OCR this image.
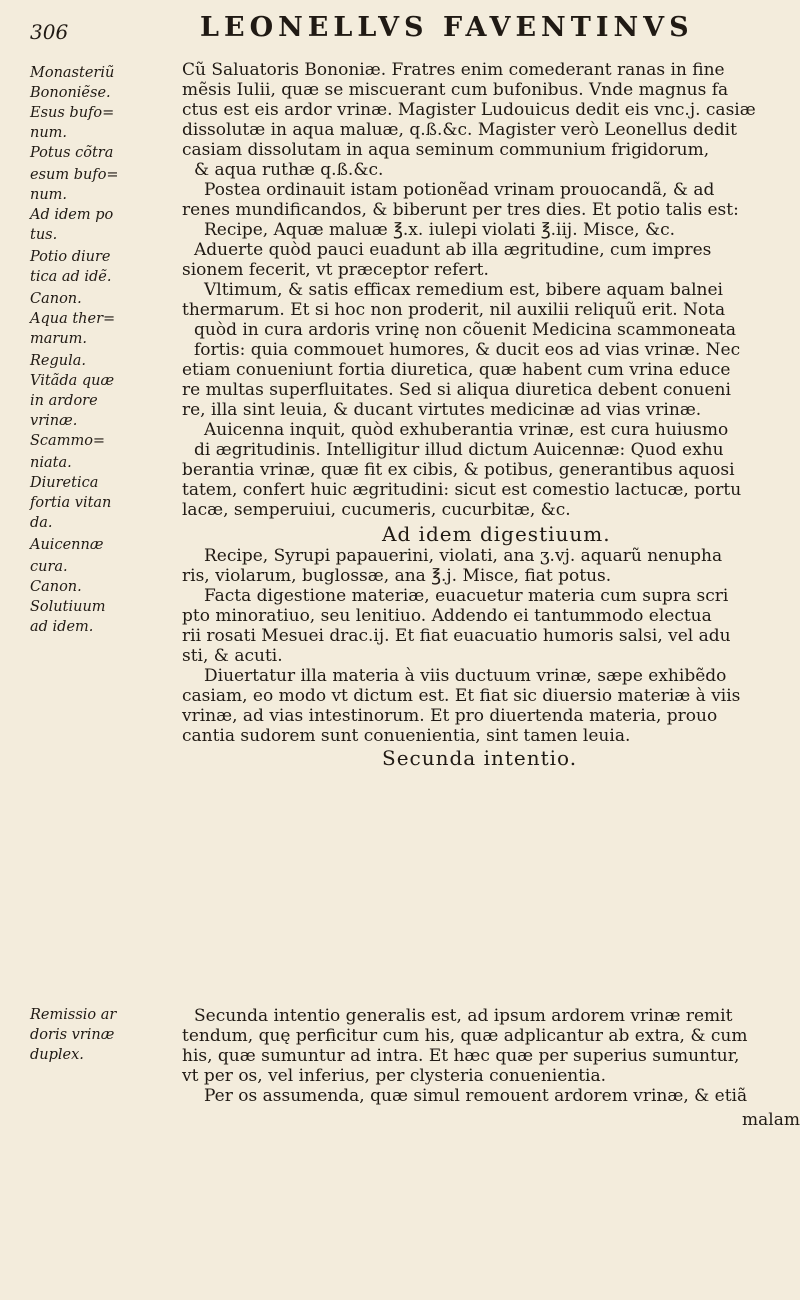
306	LEONELLVS FAVENTINVS
Monasteriũ
Bononiẽse.
Esus bufo=
num.
Potus cõtra
esum bufo=
num.
Ad idem po
tus.
Potio diure
tica ad idẽ.
Canon.
Aqua ther=
marum.
Regula.
Vitãda quæ
in ardore
vrinæ.
Scammo=
niata.
Diuretica
fortia vitan
da.
Auicennæ
cura.
Canon.
Solutiuum
ad idem.
Remissio ar
doris vrinæ
duplex.
Cũ Saluatoris Bononiæ. Fratres enim comederant ranas in fine
mẽsis Iulii, quæ se miscuerant cum bufonibus. Vnde magnus fa
ctus est eis ardor vrinæ. Magister Ludouicus dedit eis vnc.j. casiæ
dissolutæ in aqua maluæ, q.ß.&c. Magister verò Leonellus dedit
casiam dissolutam in aqua seminum communium frigidorum,
& aqua ruthæ q.ß.&c.
Postea ordinauit istam potionẽad vrinam prouocandã, & ad
renes mundificandos, & biberunt per tres dies. Et potio talis est:
Recipe, Aquæ maluæ ℥.x. iulepi violati ℥.iij. Misce, &c.
Aduerte quòd pauci euadunt ab illa ægritudine, cum impres
sionem fecerit, vt præceptor refert.
Vltimum, & satis efficax remedium est, bibere aquam balnei
thermarum. Et si hoc non proderit, nil auxilii reliquũ erit. Nota
quòd in cura ardoris vrinę non cõuenit Medicina scammoneata
fortis: quia commouet humores, & ducit eos ad vias vrinæ. Nec
etiam conueniunt fortia diuretica, quæ habent cum vrina educe
re multas superfluitates. Sed si aliqua diuretica debent conueni
re, illa sint leuia, & ducant virtutes medicinæ ad vias vrinæ.
Auicenna inquit, quòd exhuberantia vrinæ, est cura huiusmo
di ægritudinis. Intelligitur illud dictum Auicennæ: Quod exhu
berantia vrinæ, quæ fit ex cibis, & potibus, generantibus aquosi
tatem, confert huic ægritudini: sicut est comestio lactucæ, portu
lacæ, semperuiui, cucumeris, cucurbitæ, &c.
Ad idem digestiuum.
Recipe, Syrupi papauerini, violati, ana ʒ.vj. aquarũ nenupha
ris, violarum, buglossæ, ana ℥.j. Misce, fiat potus.
Facta digestione materiæ, euacuetur materia cum supra scri
pto minoratiuo, seu lenitiuo. Addendo ei tantummodo electua
rii rosati Mesuei drac.ij. Et fiat euacuatio humoris salsi, vel adu
sti, & acuti.
Diuertatur illa materia à viis ductuum vrinæ, sæpe exhibẽdo
casiam, eo modo vt dictum est. Et fiat sic diuersio materiæ à viis
vrinæ, ad vias intestinorum. Et pro diuertenda materia, prouo
cantia sudorem sunt conuenientia, sint tamen leuia.
Secunda intentio.
Secunda intentio generalis est, ad ipsum ardorem vrinæ remit
tendum, quę perficitur cum his, quæ adplicantur ab extra, & cum
his, quæ sumuntur ad intra. Et hæc quæ per superius sumuntur,
vt per os, vel inferius, per clysteria conuenientia.
Per os assumenda, quæ simul remouent ardorem vrinæ, & etiã
malam
